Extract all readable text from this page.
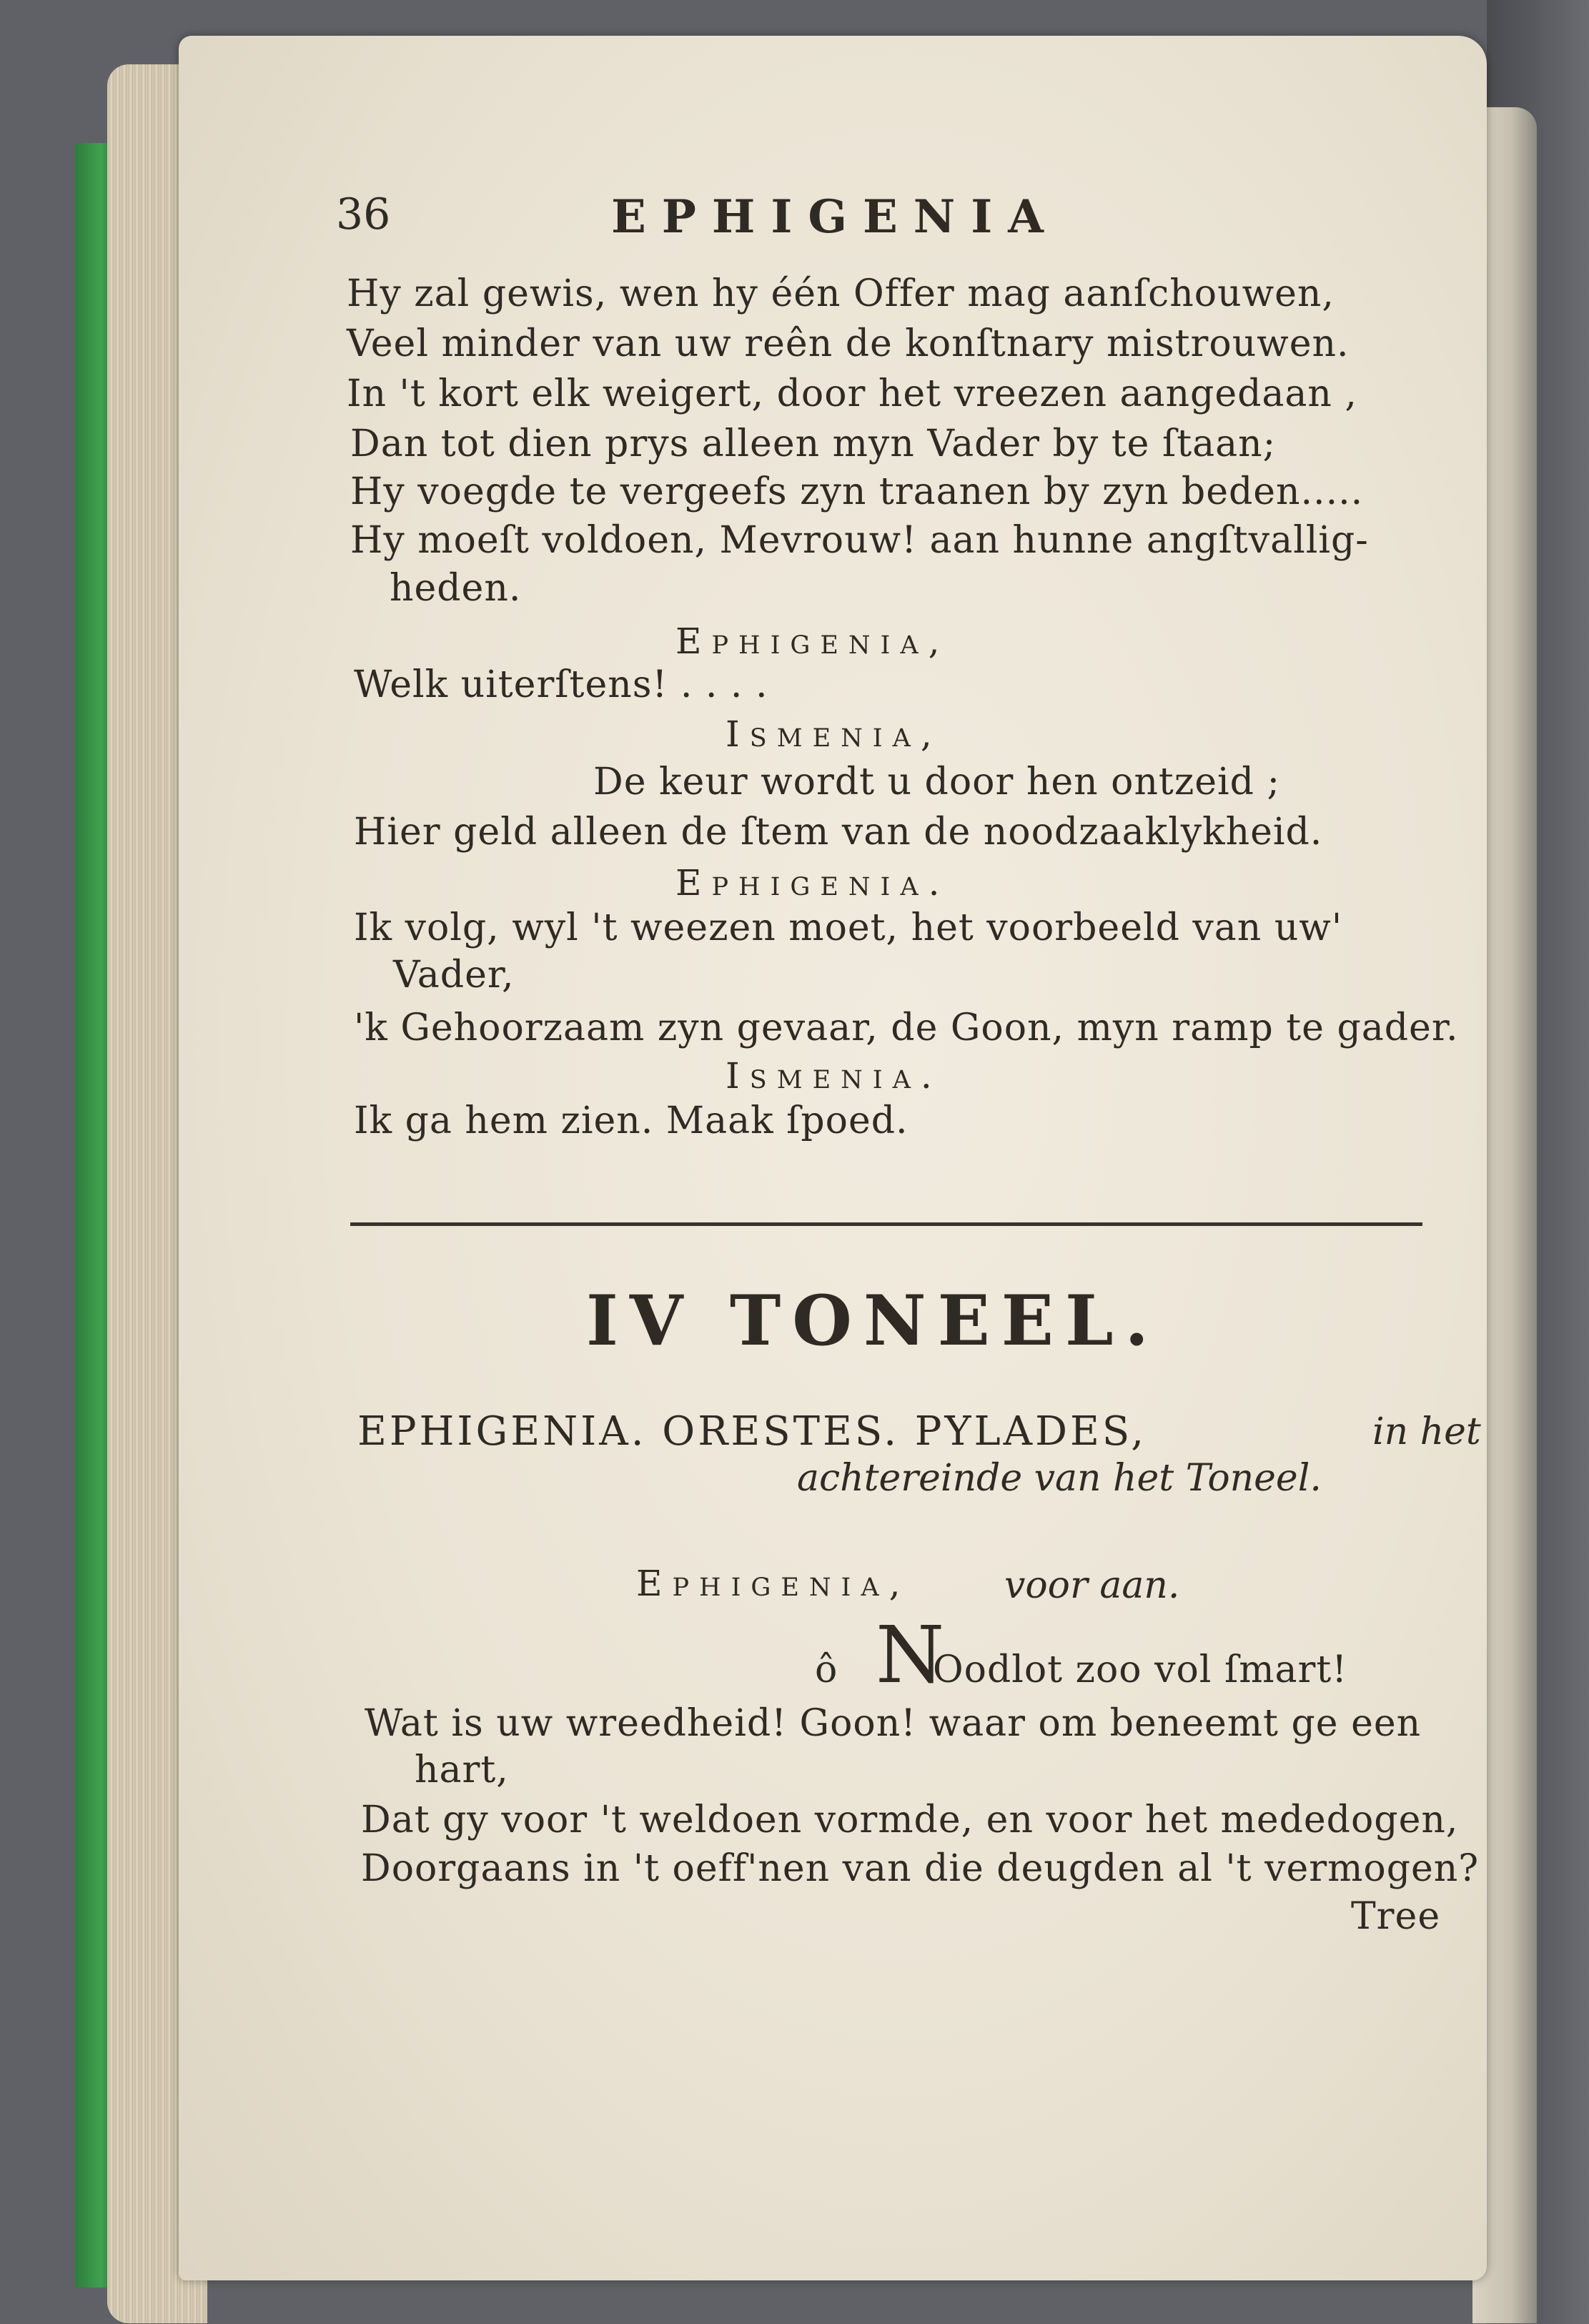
36	EPHIGENIA
Hy zal gewis, wen hy één Offer mag aanſchouwen,
Veel minder van uw reên de konſtnary mistrouwen.
In 't kort elk weigert, door het vreezen aangedaan ,
Dan tot dien prys alleen myn Vader by te ſtaan;
Hy voegde te vergeefs zyn traanen by zyn beden.....
Hy moeſt voldoen, Mevrouw! aan hunne angſtvallig-
heden.
Ephigenia,
Welk uiterſtens! . . . .
Ismenia,
De keur wordt u door hen ontzeid ;
Hier geld alleen de ſtem van de noodzaaklykheid.
Ephigenia.
Ik volg, wyl 't weezen moet, het voorbeeld van uw'
Vader,
'k Gehoorzaam zyn gevaar, de Goon, myn ramp te gader.
Ismenia.
Ik ga hem zien. Maak ſpoed.
IV TONEEL.
EPHIGENIA. ORESTES. PYLADES,	in het
achtereinde van het Toneel.
Ephigenia,	voor aan.
ô N
Oodlot zoo vol ſmart!
Wat is uw wreedheid! Goon! waar om beneemt ge een
hart,
Dat gy voor 't weldoen vormde, en voor het mededogen,
Doorgaans in 't oeff'nen van die deugden al 't vermogen?
Tree
